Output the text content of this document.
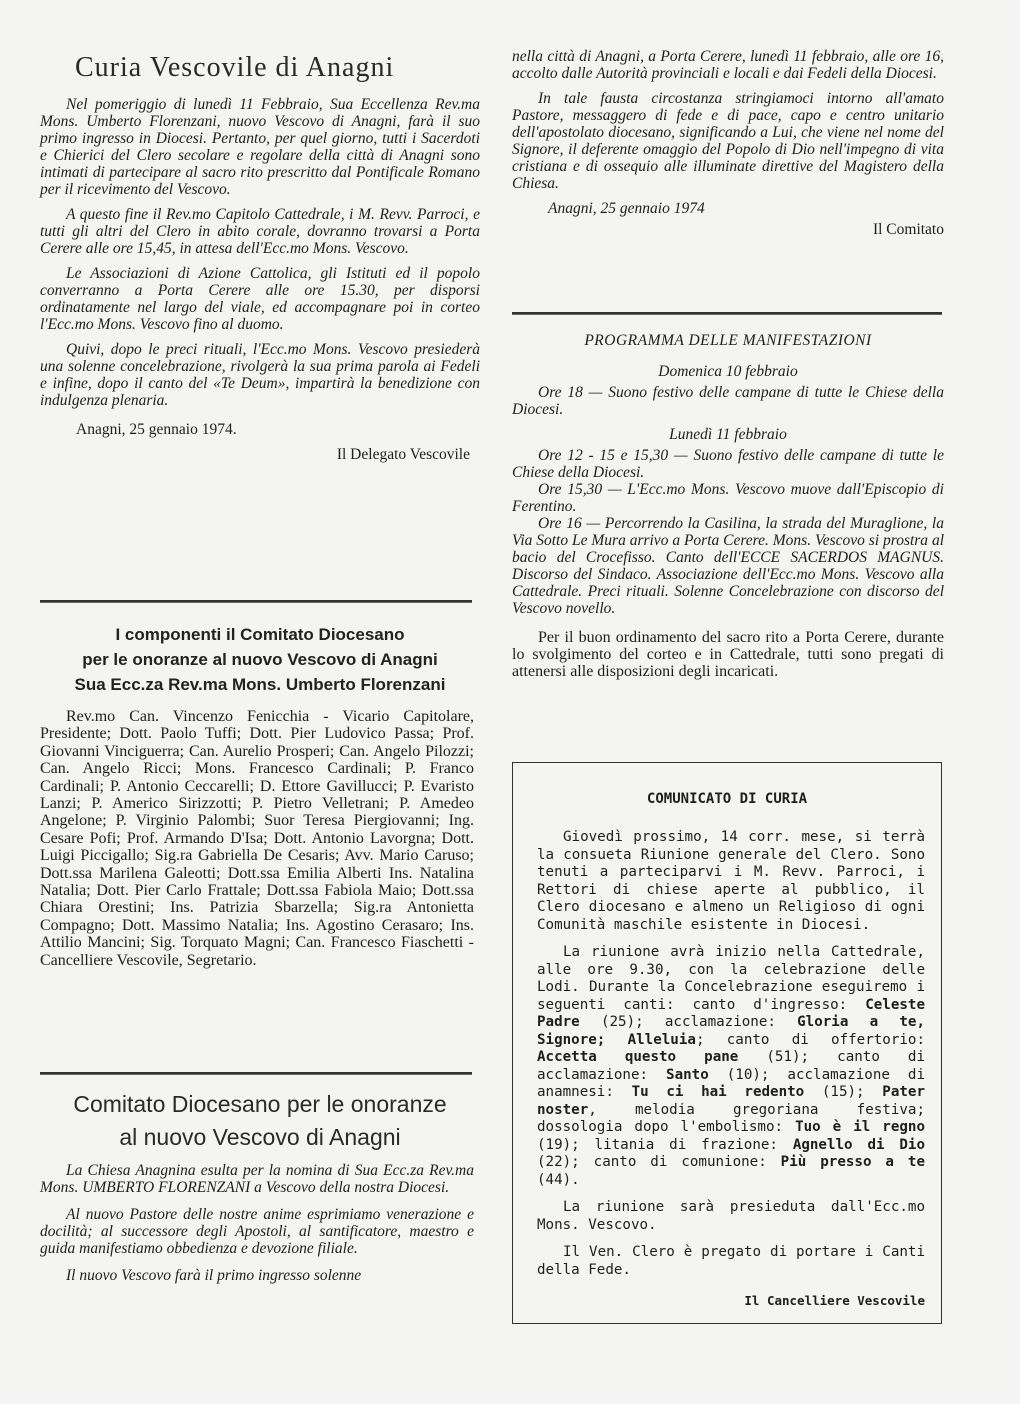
Curia Vescovile di Anagni

Nel pomeriggio di lunedì 11 Febbraio, Sua Eccellenza Rev.ma Mons. Umberto Florenzani, nuovo Vescovo di Anagni, farà il suo primo ingresso in Diocesi. Pertanto, per quel giorno, tutti i Sacerdoti e Chierici del Clero secolare e regolare della città di Anagni sono intimati di partecipare al sacro rito prescritto dal Pontificale Romano per il ricevimento del Vescovo.

A questo fine il Rev.mo Capitolo Cattedrale, i M. Revv. Parroci, e tutti gli altri del Clero in abito corale, dovranno trovarsi a Porta Cerere alle ore 15,45, in attesa dell'Ecc.mo Mons. Vescovo.

Le Associazioni di Azione Cattolica, gli Istituti ed il popolo converranno a Porta Cerere alle ore 15.30, per disporsi ordinatamente nel largo del viale, ed accompagnare poi in corteo l'Ecc.mo Mons. Vescovo fino al duomo.

Quivi, dopo le preci rituali, l'Ecc.mo Mons. Vescovo presiederà una solenne concelebrazione, rivolgerà la sua prima parola ai Fedeli e infine, dopo il canto del «Te Deum», impartirà la benedizione con indulgenza plenaria.

Anagni, 25 gennaio 1974.

Il Delegato Vescovile

I componenti il Comitato Diocesano
per le onoranze al nuovo Vescovo di Anagni
Sua Ecc.za Rev.ma Mons. Umberto Florenzani

Rev.mo Can. Vincenzo Fenicchia - Vicario Capitolare, Presidente; Dott. Paolo Tuffi; Dott. Pier Ludovico Passa; Prof. Giovanni Vinciguerra; Can. Aurelio Prosperi; Can. Angelo Pilozzi; Can. Angelo Ricci; Mons. Francesco Cardinali; P. Franco Cardinali; P. Antonio Ceccarelli; D. Ettore Gavillucci; P. Evaristo Lanzi; P. Americo Sirizzotti; P. Pietro Velletrani; P. Amedeo Angelone; P. Virginio Palombi; Suor Teresa Piergiovanni; Ing. Cesare Pofi; Prof. Armando D'Isa; Dott. Antonio Lavorgna; Dott. Luigi Piccigallo; Sig.ra Gabriella De Cesaris; Avv. Mario Caruso; Dott.ssa Marilena Galeotti; Dott.ssa Emilia Alberti Ins. Natalina Natalia; Dott. Pier Carlo Frattale; Dott.ssa Fabiola Maio; Dott.ssa Chiara Orestini; Ins. Patrizia Sbarzella; Sig.ra Antonietta Compagno; Dott. Massimo Natalia; Ins. Agostino Cerasaro; Ins. Attilio Mancini; Sig. Torquato Magni; Can. Francesco Fiaschetti - Cancelliere Vescovile, Segretario.

Comitato Diocesano per le onoranze
al nuovo Vescovo di Anagni

La Chiesa Anagnina esulta per la nomina di Sua Ecc.za Rev.ma Mons. UMBERTO FLORENZANI a Vescovo della nostra Diocesi.

Al nuovo Pastore delle nostre anime esprimiamo venerazione e docilità; al successore degli Apostoli, al santificatore, maestro e guida manifestiamo obbedienza e devozione filiale.

Il nuovo Vescovo farà il primo ingresso solenne

nella città di Anagni, a Porta Cerere, lunedì 11 febbraio, alle ore 16, accolto dalle Autorità provinciali e locali e dai Fedeli della Diocesi.

In tale fausta circostanza stringiamoci intorno all'amato Pastore, messaggero di fede e di pace, capo e centro unitario dell'apostolato diocesano, significando a Lui, che viene nel nome del Signore, il deferente omaggio del Popolo di Dio nell'impegno di vita cristiana e di ossequio alle illuminate direttive del Magistero della Chiesa.

Anagni, 25 gennaio 1974

Il Comitato

PROGRAMMA DELLE MANIFESTAZIONI

Domenica 10 febbraio

Ore 18 — Suono festivo delle campane di tutte le Chiese della Diocesi.

Lunedì 11 febbraio

Ore 12 - 15 e 15,30 — Suono festivo delle campane di tutte le Chiese della Diocesi.

Ore 15,30 — L'Ecc.mo Mons. Vescovo muove dall'Episcopio di Ferentino.

Ore 16 — Percorrendo la Casilina, la strada del Muraglione, la Via Sotto Le Mura arrivo a Porta Cerere. Mons. Vescovo si prostra al bacio del Crocefisso. Canto dell'ECCE SACERDOS MAGNUS. Discorso del Sindaco. Associazione dell'Ecc.mo Mons. Vescovo alla Cattedrale. Preci rituali. Solenne Concelebrazione con discorso del Vescovo novello.

Per il buon ordinamento del sacro rito a Porta Cerere, durante lo svolgimento del corteo e in Cattedrale, tutti sono pregati di attenersi alle disposizioni degli incaricati.

COMUNICATO DI CURIA

Giovedì prossimo, 14 corr. mese, si terrà la consueta Riunione generale del Clero. Sono tenuti a parteciparvi i M. Revv. Parroci, i Rettori di chiese aperte al pubblico, il Clero diocesano e almeno un Religioso di ogni Comunità maschile esistente in Diocesi.

La riunione avrà inizio nella Cattedrale, alle ore 9.30, con la celebrazione delle Lodi. Durante la Concelebrazione eseguiremo i seguenti canti: canto d'ingresso: Celeste Padre (25); acclamazione: Gloria a te, Signore; Alleluia; canto di offertorio: Accetta questo pane (51); canto di acclamazione: Santo (10); acclamazione di anamnesi: Tu ci hai redento (15); Pater noster, melodia gregoriana festiva; dossologia dopo l'embolismo: Tuo è il regno (19); litania di frazione: Agnello di Dio (22); canto di comunione: Più presso a te (44).

La riunione sarà presieduta dall'Ecc.mo Mons. Vescovo.

Il Ven. Clero è pregato di portare i Canti della Fede.

Il Cancelliere Vescovile
